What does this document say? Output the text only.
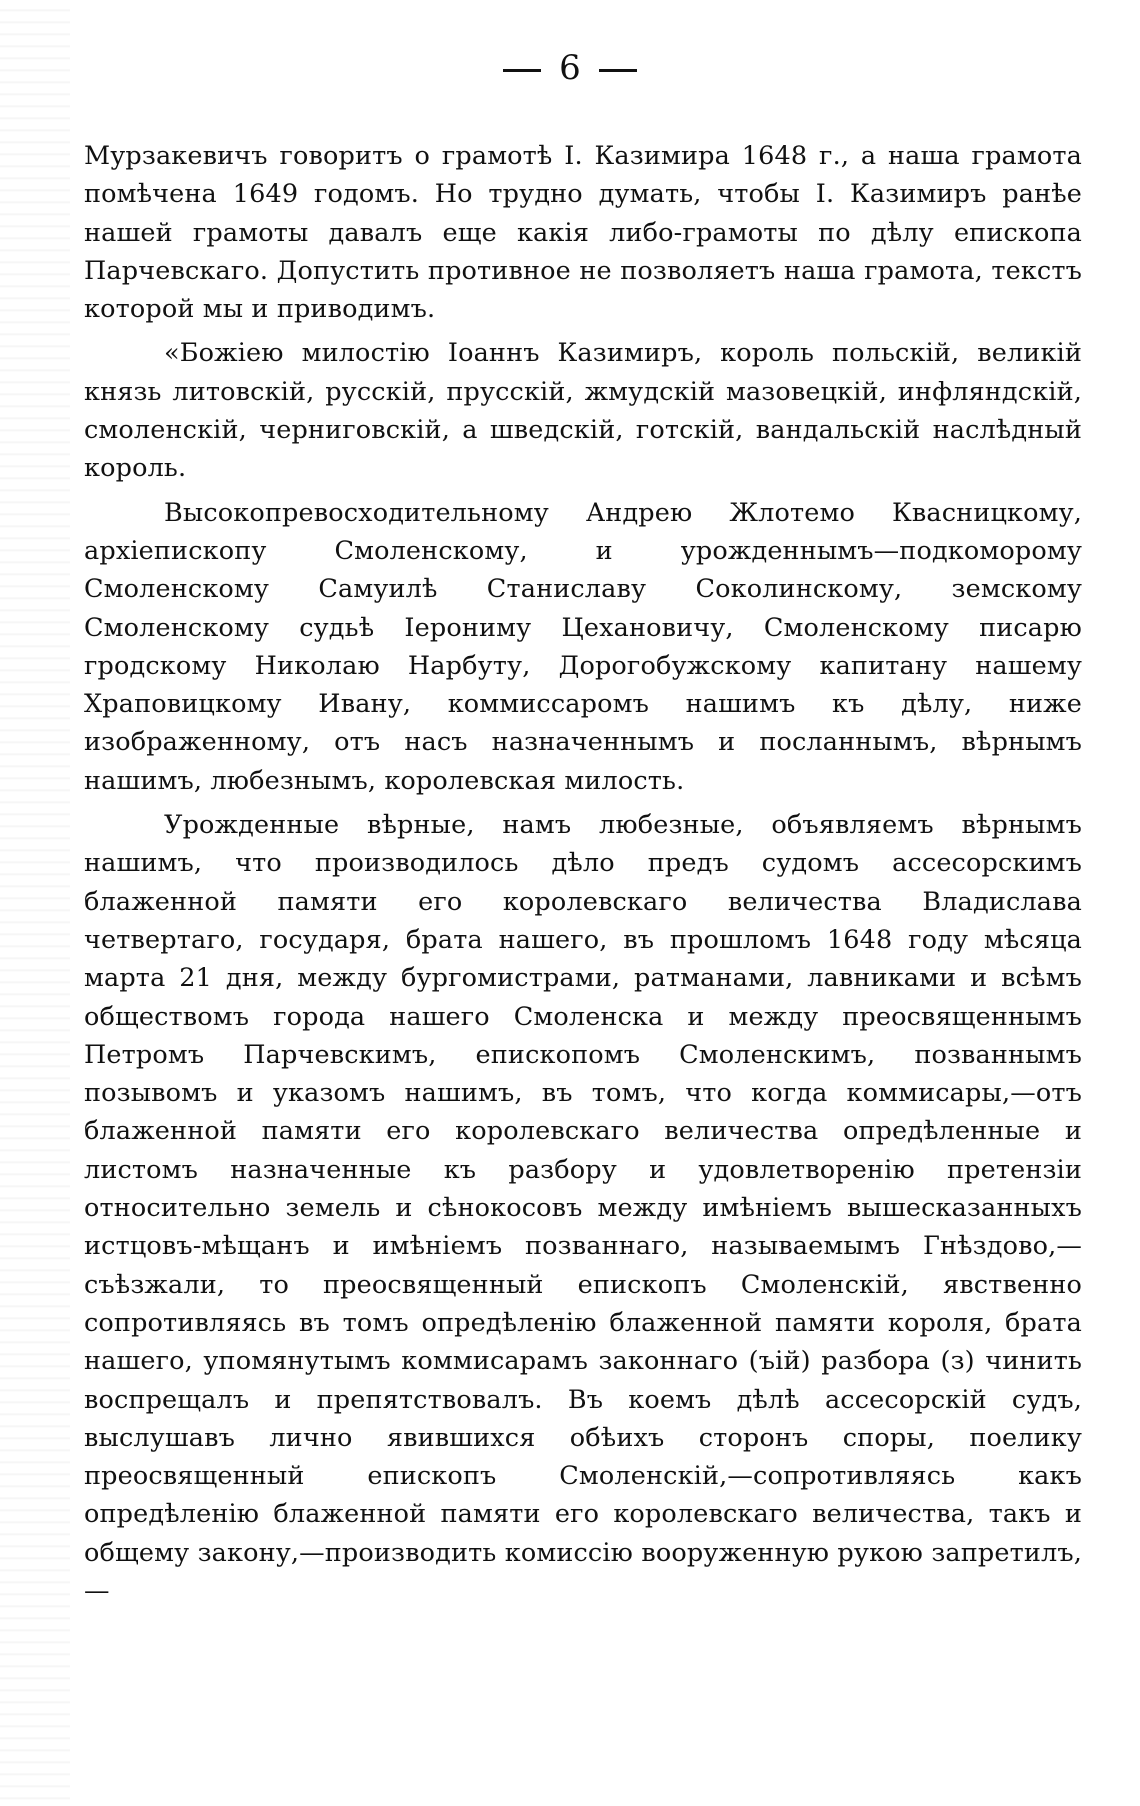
6

Мурзакевичъ говоритъ о грамотѣ І. Казимира 1648 г., а наша грамота помѣчена 1649 годомъ. Но трудно думать, чтобы І. Казимиръ ранѣе нашей грамоты давалъ еще какія либо-грамоты по дѣлу епископа Парчевскаго. Допустить противное не позволяетъ наша грамота, текстъ которой мы и приводимъ.

«Божіею милостію Іоаннъ Казимиръ, король польскій, великій князь литовскій, русскій, прусскій, жмудскій мазовецкій, инфляндскій, смоленскій, черниговскій, а шведскій, готскій, вандальскій наслѣдный король.

Высокопревосходительному Андрею Жлотемо Квасницкому, архіепископу Смоленскому, и урожденнымъ—подкоморому Смоленскому Самуилѣ Станиславу Соколинскому, земскому Смоленскому судьѣ Іерониму Цехановичу, Смоленскому писарю гродскому Николаю Нарбуту, Дорогобужскому капитану нашему Храповицкому Ивану, коммиссаромъ нашимъ къ дѣлу, ниже изображенному, отъ насъ назначеннымъ и посланнымъ, вѣрнымъ нашимъ, любезнымъ, королевская милость.

Урожденные вѣрные, намъ любезные, объявляемъ вѣрнымъ нашимъ, что производилось дѣло предъ судомъ ассесорскимъ блаженной памяти его королевскаго величества Владислава четвертаго, государя, брата нашего, въ прошломъ 1648 году мѣсяца марта 21 дня, между бургомистрами, ратманами, лавниками и всѣмъ обществомъ города нашего Смоленска и между преосвященнымъ Петромъ Парчевскимъ, епископомъ Смоленскимъ, позваннымъ позывомъ и указомъ нашимъ, въ томъ, что когда коммисары,—отъ блаженной памяти его королевскаго величества опредѣленные и листомъ назначенные къ разбору и удовлетворенію претензіи относительно земель и сѣнокосовъ между имѣніемъ вышесказанныхъ истцовъ-мѣщанъ и имѣніемъ позваннаго, называемымъ Гнѣздово,—съѣзжали, то преосвященный епископъ Смоленскій, явственно сопротивляясь въ томъ опредѣленію блаженной памяти короля, брата нашего, упомянутымъ коммисарамъ законнаго (ъій) разбора (з) чинить воспрещалъ и препятствовалъ. Въ коемъ дѣлѣ ассесорскій судъ, выслушавъ лично явившихся обѣихъ сторонъ споры, поелику преосвященный епископъ Смоленскій,—сопротивляясь какъ опредѣленію блаженной памяти его королевскаго величества, такъ и общему закону,—производить комиссію вооруженную рукою запретилъ,—
